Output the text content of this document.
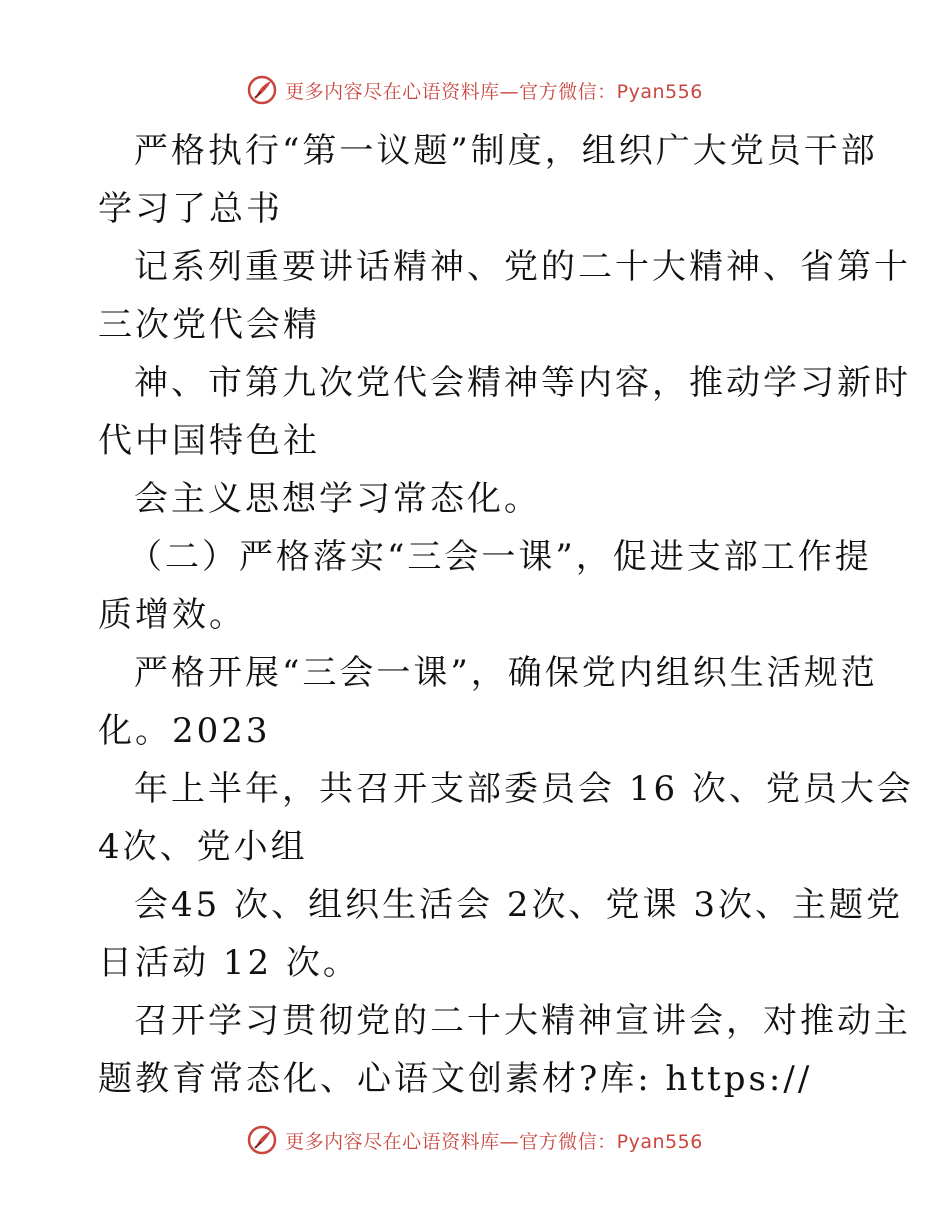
更多内容尽在心语资料库—官方微信：Pyan556
严格执行“第一议题”制度，组织广大党员干部
学习了总书
记系列重要讲话精神、党的二十大精神、省第十
三次党代会精
神、市第九次党代会精神等内容，推动学习新时
代中国特色社
会主义思想学习常态化。
（二）严格落实“三会一课”，促进支部工作提
质增效。
严格开展“三会一课”，确保党内组织生活规范
化。2023
年上半年，共召开支部委员会 16 次、党员大会
4次、党小组
会45 次、组织生活会 2次、党课 3次、主题党
日活动 12 次。
召开学习贯彻党的二十大精神宣讲会，对推动主
题教育常态化、心语文创素材?库: https://
更多内容尽在心语资料库—官方微信：Pyan556
